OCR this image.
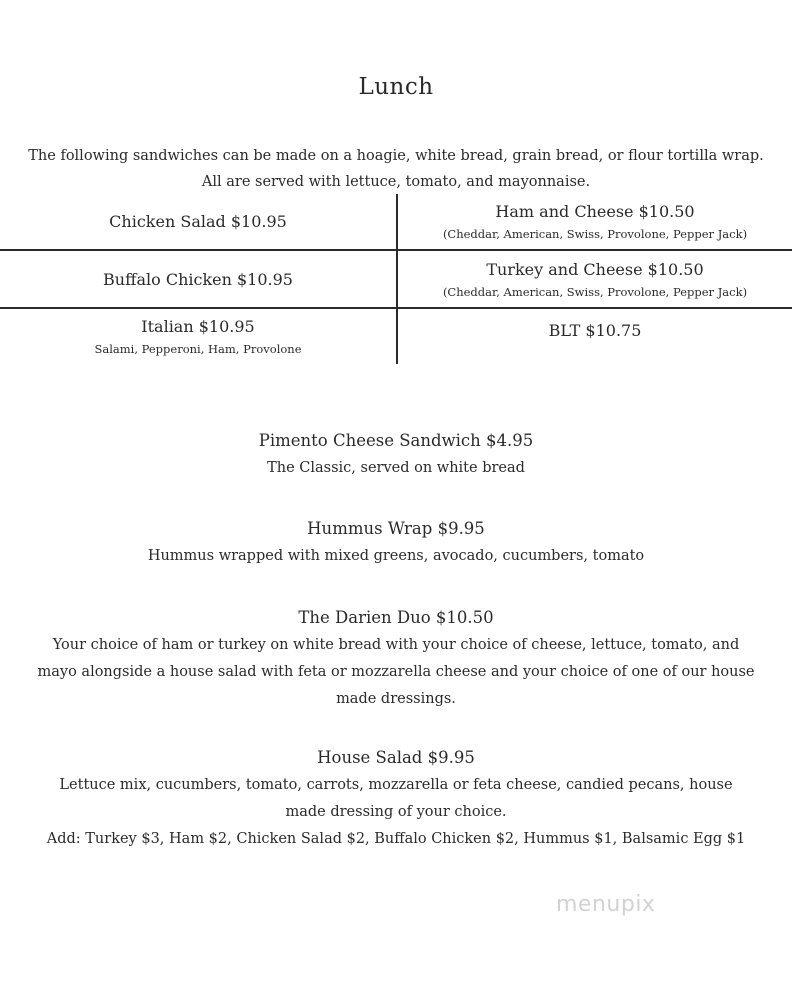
Lunch
The following sandwiches can be made on a hoagie, white bread, grain bread, or flour tortilla wrap. All are served with lettuce, tomato, and mayonnaise.
Chicken Salad $10.95
Ham and Cheese $10.50
(Cheddar, American, Swiss, Provolone, Pepper Jack)
Buffalo Chicken $10.95
Turkey and Cheese $10.50
(Cheddar, American, Swiss, Provolone, Pepper Jack)
Italian $10.95
Salami, Pepperoni, Ham, Provolone
BLT $10.75
Pimento Cheese Sandwich $4.95
The Classic, served on white bread
Hummus Wrap $9.95
Hummus wrapped with mixed greens, avocado, cucumbers, tomato
The Darien Duo $10.50
Your choice of ham or turkey on white bread with your choice of cheese, lettuce, tomato, and mayo alongside a house salad with feta or mozzarella cheese and your choice of one of our house made dressings.
House Salad $9.95
Lettuce mix, cucumbers, tomato, carrots, mozzarella or feta cheese, candied pecans, house made dressing of your choice.
Add: Turkey $3, Ham $2, Chicken Salad $2, Buffalo Chicken $2, Hummus $1, Balsamic Egg $1
menupix
